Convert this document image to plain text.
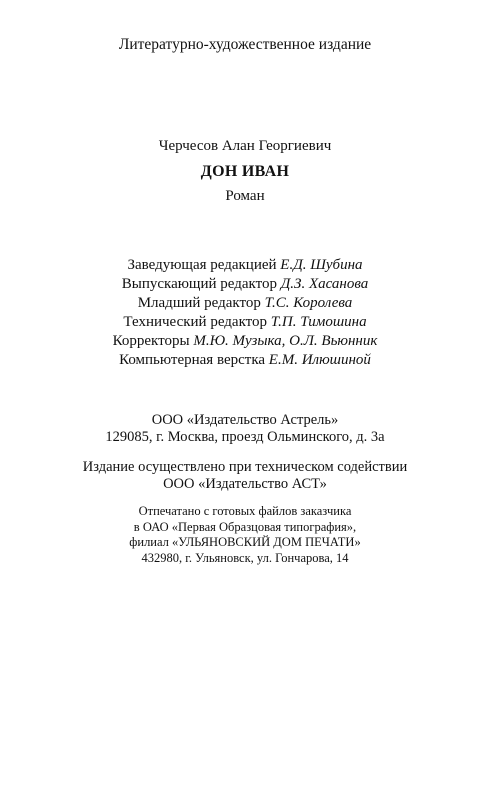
Литературно-художественное издание
Черчесов Алан Георгиевич
ДОН ИВАН
Роман
Заведующая редакцией Е.Д. Шубина
Выпускающий редактор Д.З. Хасанова
Младший редактор Т.С. Королева
Технический редактор Т.П. Тимошина
Корректоры М.Ю. Музыка, О.Л. Вьюнник
Компьютерная верстка Е.М. Илюшиной
ООО «Издательство Астрель»
129085, г. Москва, проезд Ольминского, д. 3а
Издание осуществлено при техническом содействии
ООО «Издательство АСТ»
Отпечатано с готовых файлов заказчика
в ОАО «Первая Образцовая типография»,
филиал «УЛЬЯНОВСКИЙ ДОМ ПЕЧАТИ»
432980, г. Ульяновск, ул. Гончарова, 14
